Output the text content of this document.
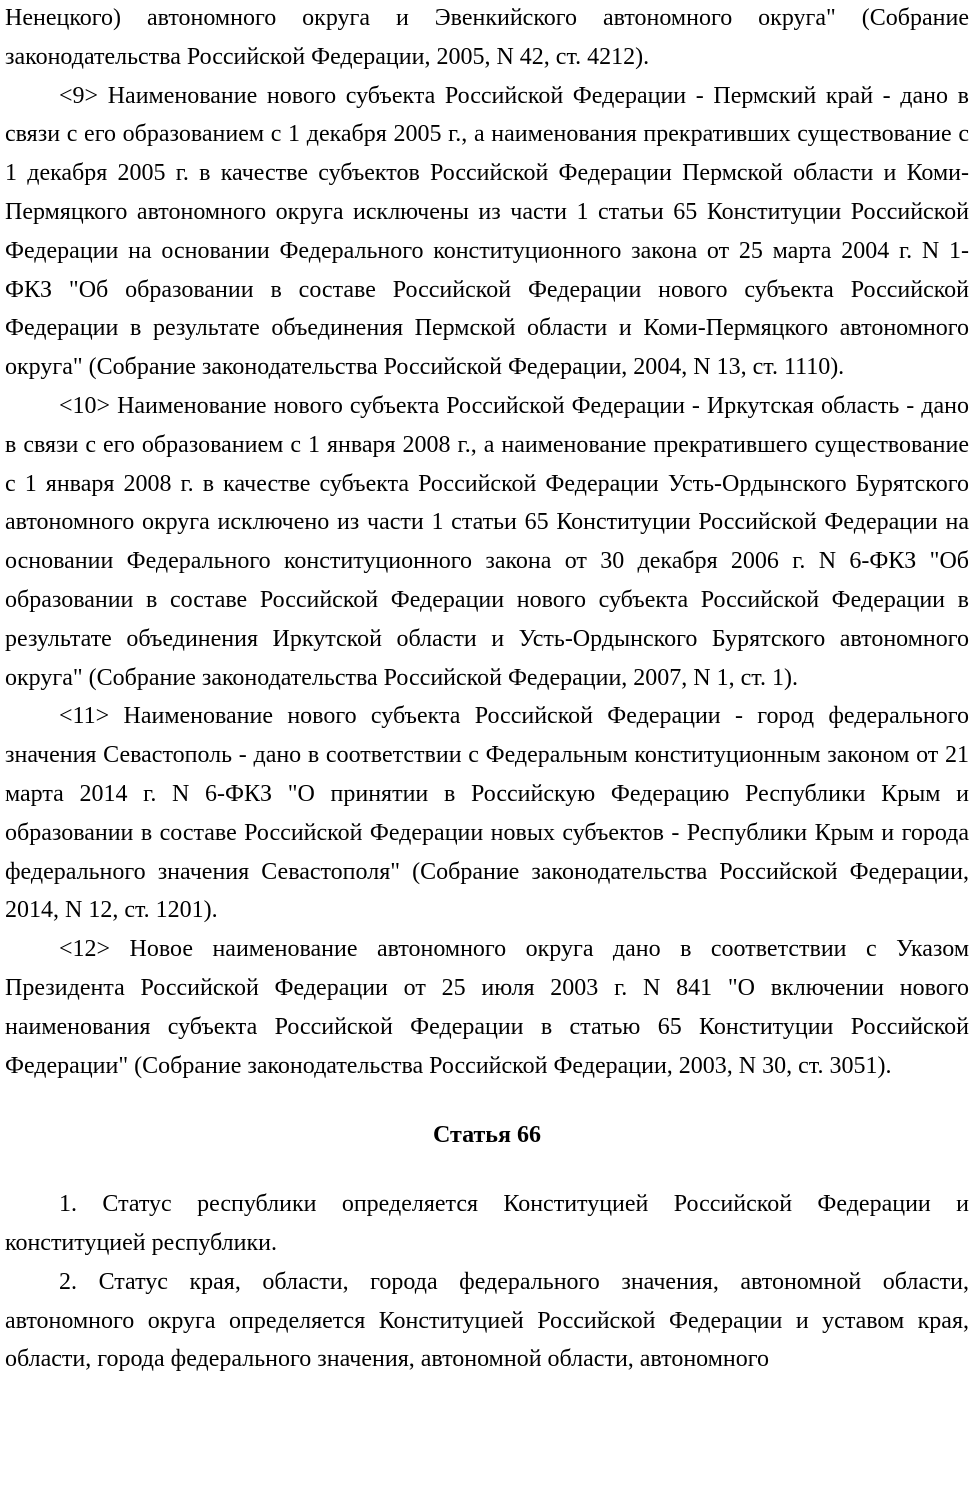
Ненецкого) автономного округа и Эвенкийского автономного округа" (Собрание законодательства Российской Федерации, 2005, N 42, ст. 4212).

<9> Наименование нового субъекта Российской Федерации - Пермский край - дано в связи с его образованием с 1 декабря 2005 г., а наименования прекративших существование с 1 декабря 2005 г. в качестве субъектов Российской Федерации Пермской области и Коми-Пермяцкого автономного округа исключены из части 1 статьи 65 Конституции Российской Федерации на основании Федерального конституционного закона от 25 марта 2004 г. N 1-ФКЗ "Об образовании в составе Российской Федерации нового субъекта Российской Федерации в результате объединения Пермской области и Коми-Пермяцкого автономного округа" (Собрание законодательства Российской Федерации, 2004, N 13, ст. 1110).

<10> Наименование нового субъекта Российской Федерации - Иркутская область - дано в связи с его образованием с 1 января 2008 г., а наименование прекратившего существование с 1 января 2008 г. в качестве субъекта Российской Федерации Усть-Ордынского Бурятского автономного округа исключено из части 1 статьи 65 Конституции Российской Федерации на основании Федерального конституционного закона от 30 декабря 2006 г. N 6-ФКЗ "Об образовании в составе Российской Федерации нового субъекта Российской Федерации в результате объединения Иркутской области и Усть-Ордынского Бурятского автономного округа" (Собрание законодательства Российской Федерации, 2007, N 1, ст. 1).

<11> Наименование нового субъекта Российской Федерации - город федерального значения Севастополь - дано в соответствии с Федеральным конституционным законом от 21 марта 2014 г. N 6-ФКЗ "О принятии в Российскую Федерацию Республики Крым и образовании в составе Российской Федерации новых субъектов - Республики Крым и города федерального значения Севастополя" (Собрание законодательства Российской Федерации, 2014, N 12, ст. 1201).

<12> Новое наименование автономного округа дано в соответствии с Указом Президента Российской Федерации от 25 июля 2003 г. N 841 "О включении нового наименования субъекта Российской Федерации в статью 65 Конституции Российской Федерации" (Собрание законодательства Российской Федерации, 2003, N 30, ст. 3051).

Статья 66

1. Статус республики определяется Конституцией Российской Федерации и конституцией республики.

2. Статус края, области, города федерального значения, автономной области, автономного округа определяется Конституцией Российской Федерации и уставом края, области, города федерального значения, автономной области, автономного
